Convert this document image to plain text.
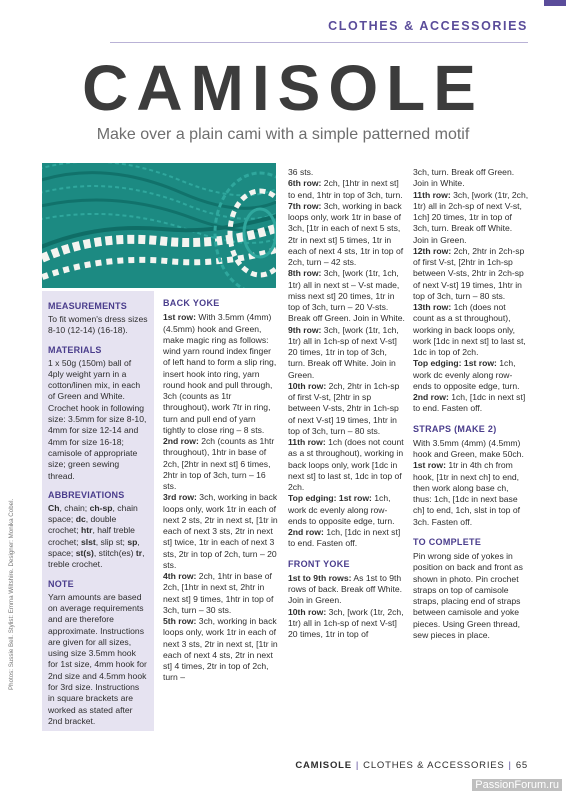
CLOTHES & ACCESSORIES
CAMISOLE
Make over a plain cami with a simple patterned motif
Photos: Sussie Bell. Stylist: Emma Wiltshire. Designer: Monika Cobel.
MEASUREMENTS

To fit women's dress sizes 8-10 (12-14) (16-18).

MATERIALS

1 x 50g (150m) ball of 4ply weight yarn in a cotton/linen mix, in each of Green and White. Crochet hook in following size: 3.5mm for size 8-10, 4mm for size 12-14 and 4mm for size 16-18; camisole of appropriate size; green sewing thread.

ABBREVIATIONS

Ch, chain; ch-sp, chain space; dc, double crochet; htr, half treble crochet; slst, slip st; sp, space; st(s), stitch(es) tr, treble crochet.

NOTE

Yarn amounts are based on average requirements and are therefore approximate. Instructions are given for all sizes, using size 3.5mm hook for 1st size, 4mm hook for 2nd size and 4.5mm hook for 3rd size. Instructions in square brackets are worked as stated after 2nd bracket.

BACK YOKE

1st row: With 3.5mm (4mm) (4.5mm) hook and Green, make magic ring as follows: wind yarn round index finger of left hand to form a slip ring, insert hook into ring, yarn round hook and pull through, 3ch (counts as 1tr throughout), work 7tr in ring, turn and pull end of yarn tightly to close ring – 8 sts.

2nd row: 2ch (counts as 1htr throughout), 1htr in base of 2ch, [2htr in next st] 6 times, 2htr in top of 3ch, turn – 16 sts.

3rd row: 3ch, working in back loops only, work 1tr in each of next 2 sts, 2tr in next st, [1tr in each of next 3 sts, 2tr in next st] twice, 1tr in each of next 3 sts, 2tr in top of 2ch, turn – 20 sts.

4th row: 2ch, 1htr in base of 2ch, [1htr in next st, 2htr in next st] 9 times, 1htr in top of 3ch, turn – 30 sts.

5th row: 3ch, working in back loops only, work 1tr in each of next 3 sts, 2tr in next st, [1tr in each of next 4 sts, 2tr in next st] 4 times, 2tr in top of 2ch, turn –

36 sts.

6th row: 2ch, [1htr in next st] to end, 1htr in top of 3ch, turn.

7th row: 3ch, working in back loops only, work 1tr in base of 3ch, [1tr in each of next 5 sts, 2tr in next st] 5 times, 1tr in each of next 4 sts, 1tr in top of 2ch, turn – 42 sts.

8th row: 3ch, [work (1tr, 1ch, 1tr) all in next st – V-st made, miss next st] 20 times, 1tr in top of 3ch, turn – 20 V-sts. Break off Green. Join in White.

9th row: 3ch, [work (1tr, 1ch, 1tr) all in 1ch-sp of next V-st] 20 times, 1tr in top of 3ch, turn. Break off White. Join in Green.

10th row: 2ch, 2htr in 1ch-sp of first V-st, [2htr in sp between V-sts, 2htr in 1ch-sp of next V-st] 19 times, 1htr in top of 3ch, turn – 80 sts.

11th row: 1ch (does not count as a st throughout), working in back loops only, work [1dc in next st] to last st, 1dc in top of 2ch.

Top edging: 1st row: 1ch, work dc evenly along row-ends to opposite edge, turn.

2nd row: 1ch, [1dc in next st] to end. Fasten off.

FRONT YOKE

1st to 9th rows: As 1st to 9th rows of back. Break off White. Join in Green.

10th row: 3ch, [work (1tr, 2ch, 1tr) all in 1ch-sp of next V-st] 20 times, 1tr in top of

3ch, turn. Break off Green. Join in White.

11th row: 3ch, [work (1tr, 2ch, 1tr) all in 2ch-sp of next V-st, 1ch] 20 times, 1tr in top of 3ch, turn. Break off White. Join in Green.

12th row: 2ch, 2htr in 2ch-sp of first V-st, [2htr in 1ch-sp between V-sts, 2htr in 2ch-sp of next V-st] 19 times, 1htr in top of 3ch, turn – 80 sts.

13th row: 1ch (does not count as a st throughout), working in back loops only, work [1dc in next st] to last st, 1dc in top of 2ch.

Top edging: 1st row: 1ch, work dc evenly along row-ends to opposite edge, turn.

2nd row: 1ch, [1dc in next st] to end. Fasten off.

STRAPS (MAKE 2)

With 3.5mm (4mm) (4.5mm) hook and Green, make 50ch.

1st row: 1tr in 4th ch from hook, [1tr in next ch] to end, then work along base ch, thus: 1ch, [1dc in next base ch] to end, 1ch, slst in top of 3ch. Fasten off.

TO COMPLETE

Pin wrong side of yokes in position on back and front as shown in photo. Pin crochet straps on top of camisole straps, placing end of straps between camisole and yoke pieces. Using Green thread, sew pieces in place.

CAMISOLE | CLOTHES & ACCESSORIES | 65
PassionForum.ru
